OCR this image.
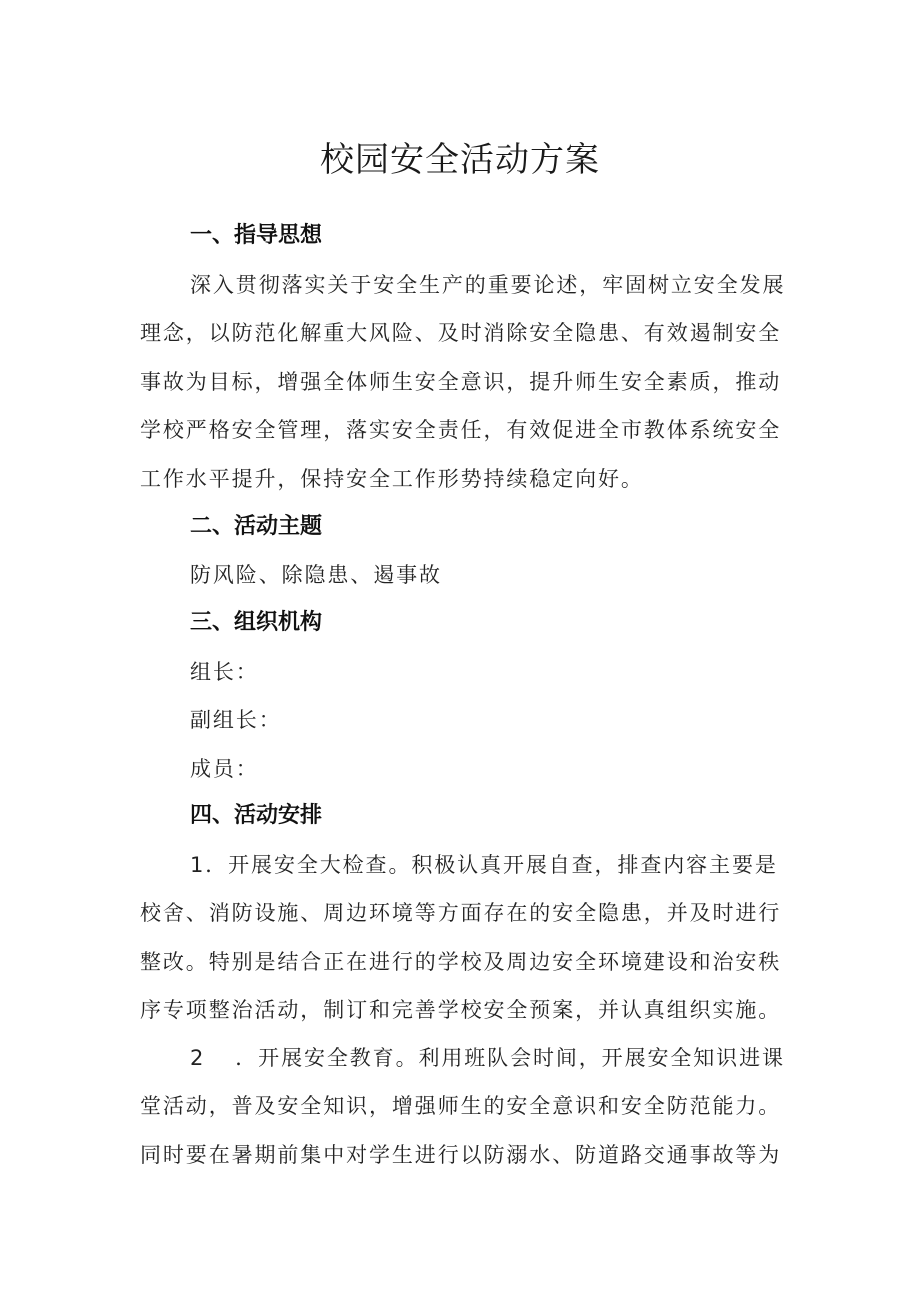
校园安全活动方案
一、指导思想
深入贯彻落实关于安全生产的重要论述，牢固树立安全发展
理念，以防范化解重大风险、及时消除安全隐患、有效遏制安全
事故为目标，增强全体师生安全意识，提升师生安全素质，推动
学校严格安全管理，落实安全责任，有效促进全市教体系统安全
工作水平提升，保持安全工作形势持续稳定向好。
二、活动主题
防风险、除隐患、遏事故
三、组织机构
组长：
副组长：
成员：
四、活动安排
1．开展安全大检查。积极认真开展自查，排查内容主要是
校舍、消防设施、周边环境等方面存在的安全隐患，并及时进行
整改。特别是结合正在进行的学校及周边安全环境建设和治安秩
序专项整治活动，制订和完善学校安全预案，并认真组织实施。
2 ．开展安全教育。利用班队会时间，开展安全知识进课
堂活动，普及安全知识，增强师生的安全意识和安全防范能力。
同时要在暑期前集中对学生进行以防溺水、防道路交通事故等为
